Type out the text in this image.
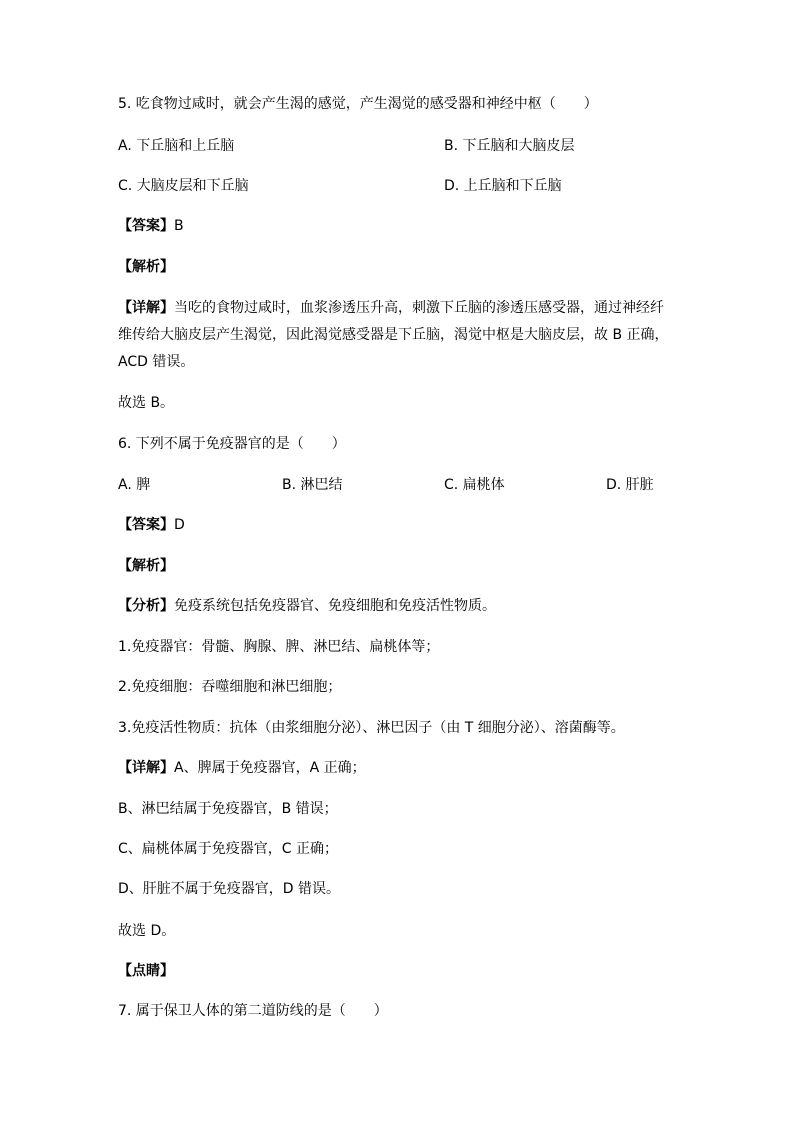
5. 吃食物过咸时，就会产生渴的感觉，产生渴觉的感受器和神经中枢（　　）
A. 下丘脑和上丘脑	B. 下丘脑和大脑皮层
C. 大脑皮层和下丘脑	D. 上丘脑和下丘脑
【答案】B
【解析】
【详解】当吃的食物过咸时，血浆渗透压升高，刺激下丘脑的渗透压感受器，通过神经纤
维传给大脑皮层产生渴觉，因此渴觉感受器是下丘脑，渴觉中枢是大脑皮层，故 B 正确，
ACD 错误。
故选 B。
6. 下列不属于免疫器官的是（　　）
A. 脾	B. 淋巴结	C. 扁桃体	D. 肝脏
【答案】D
【解析】
【分析】免疫系统包括免疫器官、免疫细胞和免疫活性物质。
1.免疫器官：骨髓、胸腺、脾、淋巴结、扁桃体等；
2.免疫细胞：吞噬细胞和淋巴细胞；
3.免疫活性物质：抗体（由浆细胞分泌）、淋巴因子（由 T 细胞分泌）、溶菌酶等。
【详解】A、脾属于免疫器官，A 正确；
B、淋巴结属于免疫器官，B 错误；
C、扁桃体属于免疫器官，C 正确；
D、肝脏不属于免疫器官，D 错误。
故选 D。
【点睛】
7. 属于保卫人体的第二道防线的是（　　）
